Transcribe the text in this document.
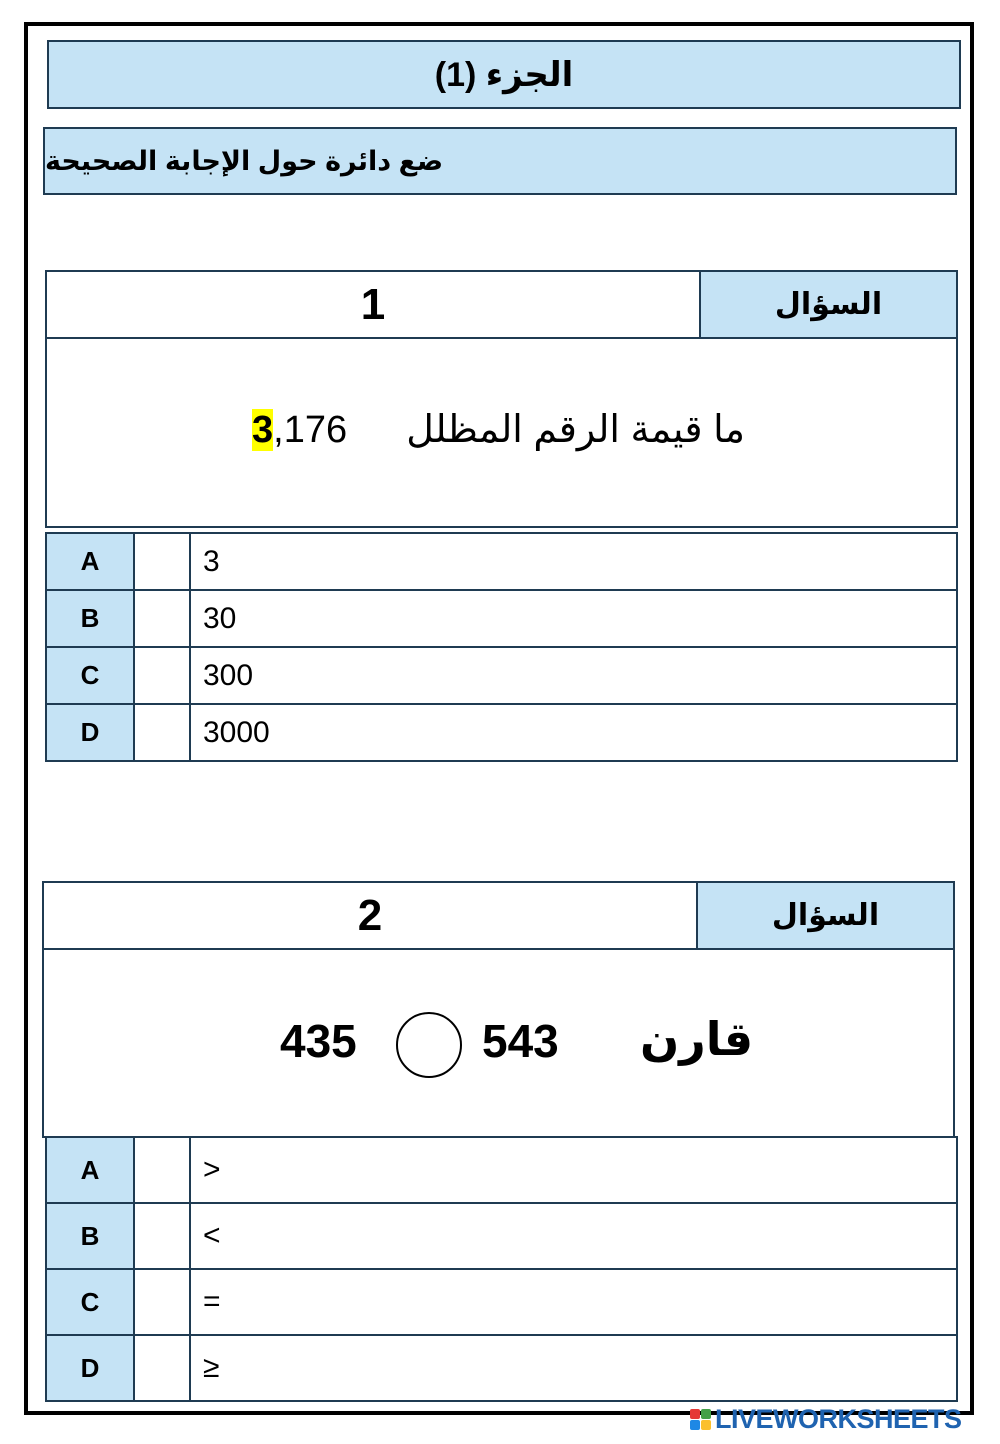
الجزء (1)
ضع دائرة حول الإجابة الصحيحة
1	السؤال
3,176 ما قيمة الرقم المظلل
A		3
B		30
C		300
D		3000
2	السؤال
435	543 قارن
A		>
B		<
C		=
D		≥
LIVEWORKSHEETS
